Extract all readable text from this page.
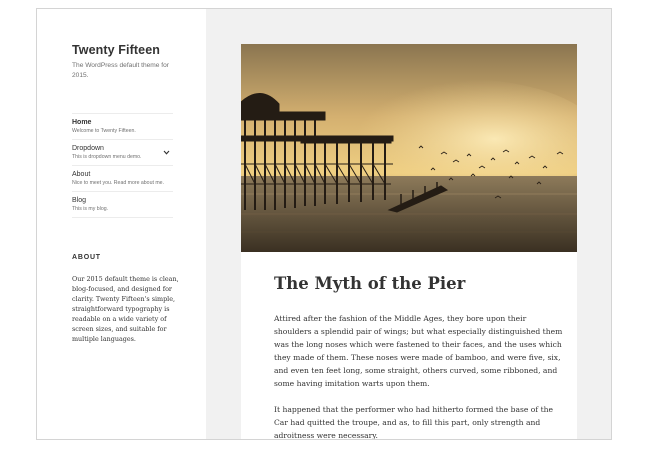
Twenty Fifteen
The WordPress default theme for 2015.
Home
Welcome to Twenty Fifteen.
Dropdown
This is dropdown menu demo.
About
Nice to meet you. Read more about me.
Blog
This is my blog.
ABOUT
Our 2015 default theme is clean, blog-focused, and designed for clarity. Twenty Fifteen's simple, straightforward typography is readable on a wide variety of screen sizes, and suitable for multiple languages.
The Myth of the Pier

Attired after the fashion of the Middle Ages, they bore upon their shoulders a splendid pair of wings; but what especially distinguished them was the long noses which were fastened to their faces, and the uses which they made of them. These noses were made of bamboo, and were five, six, and even ten feet long, some straight, others curved, some ribboned, and some having imitation warts upon them.

It happened that the performer who had hitherto formed the base of the Car had quitted the troupe, and as, to fill this part, only strength and adroitness were necessary.
